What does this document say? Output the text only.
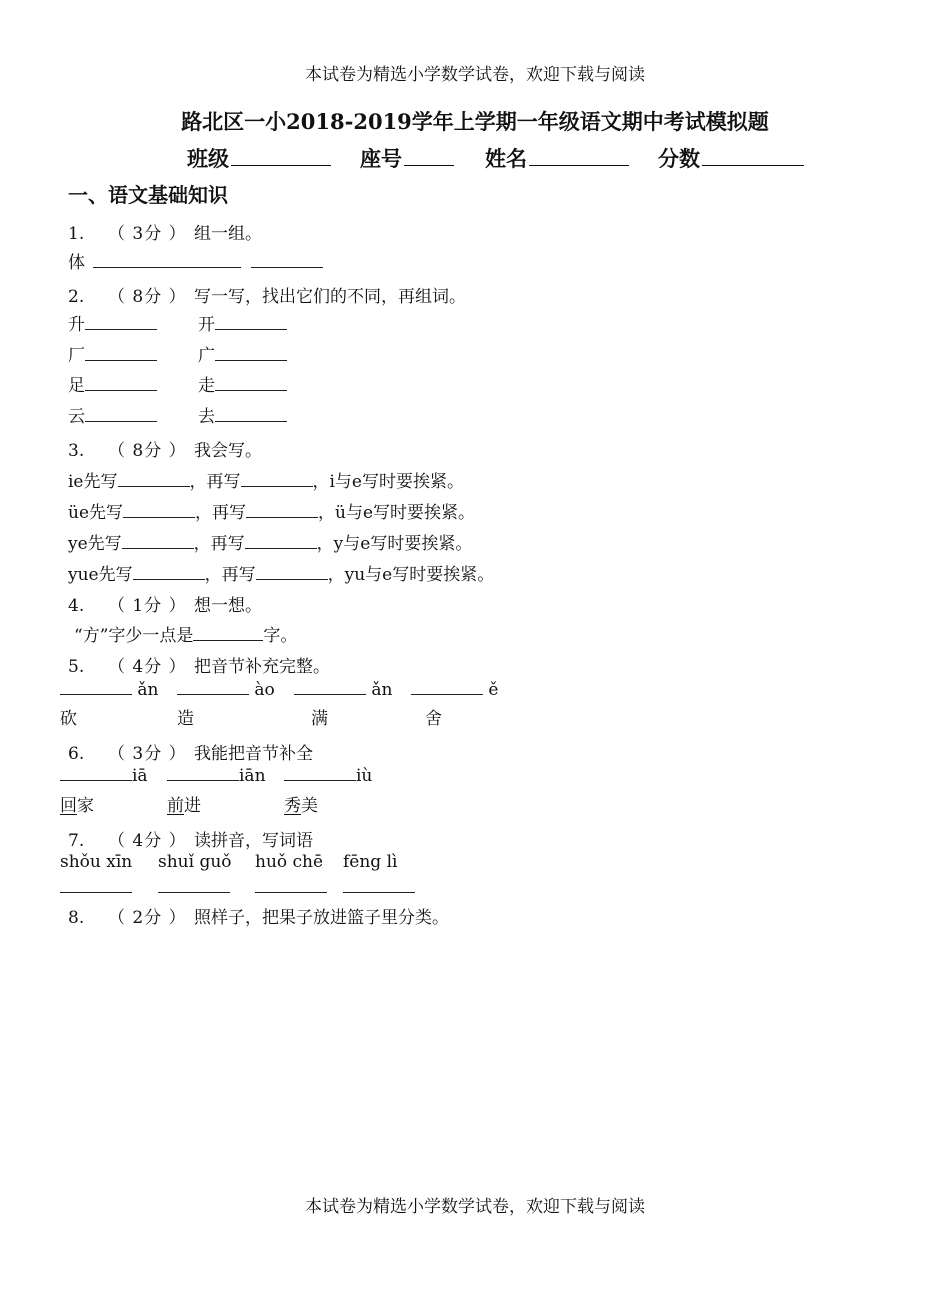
本试卷为精选小学数学试卷，欢迎下载与阅读
路北区一小2018-2019学年上学期一年级语文期中考试模拟题
班级	座号	姓名	分数
一、语文基础知识
1. （ 3分 ） 组一组。
体
2. （ 8分 ） 写一写，找出它们的不同，再组词。
升	开
厂	广
足	走
云	去
3. （ 8分 ） 我会写。
ie先写	，再写	，i与e写时要挨紧。
üe先写	，再写	，ü与e写时要挨紧。
ye先写	，再写	，y与e写时要挨紧。
yue先写	，再写	，yu与e写时要挨紧。
4. （ 1分 ） 想一想。
“方”字少一点是	字。
5. （ 4分 ） 把音节补充完整。
ǎn	ào	ǎn	ě
砍	造	满	舍
6. （ 3分 ） 我能把音节补全
iā	iān	iù
回家	前进	秀美
7. （ 4分 ） 读拼音，写词语
shǒu xīn shuǐ guǒ huǒ chē fēng lì
8. （ 2分 ） 照样子，把果子放进篮子里分类。
本试卷为精选小学数学试卷，欢迎下载与阅读
